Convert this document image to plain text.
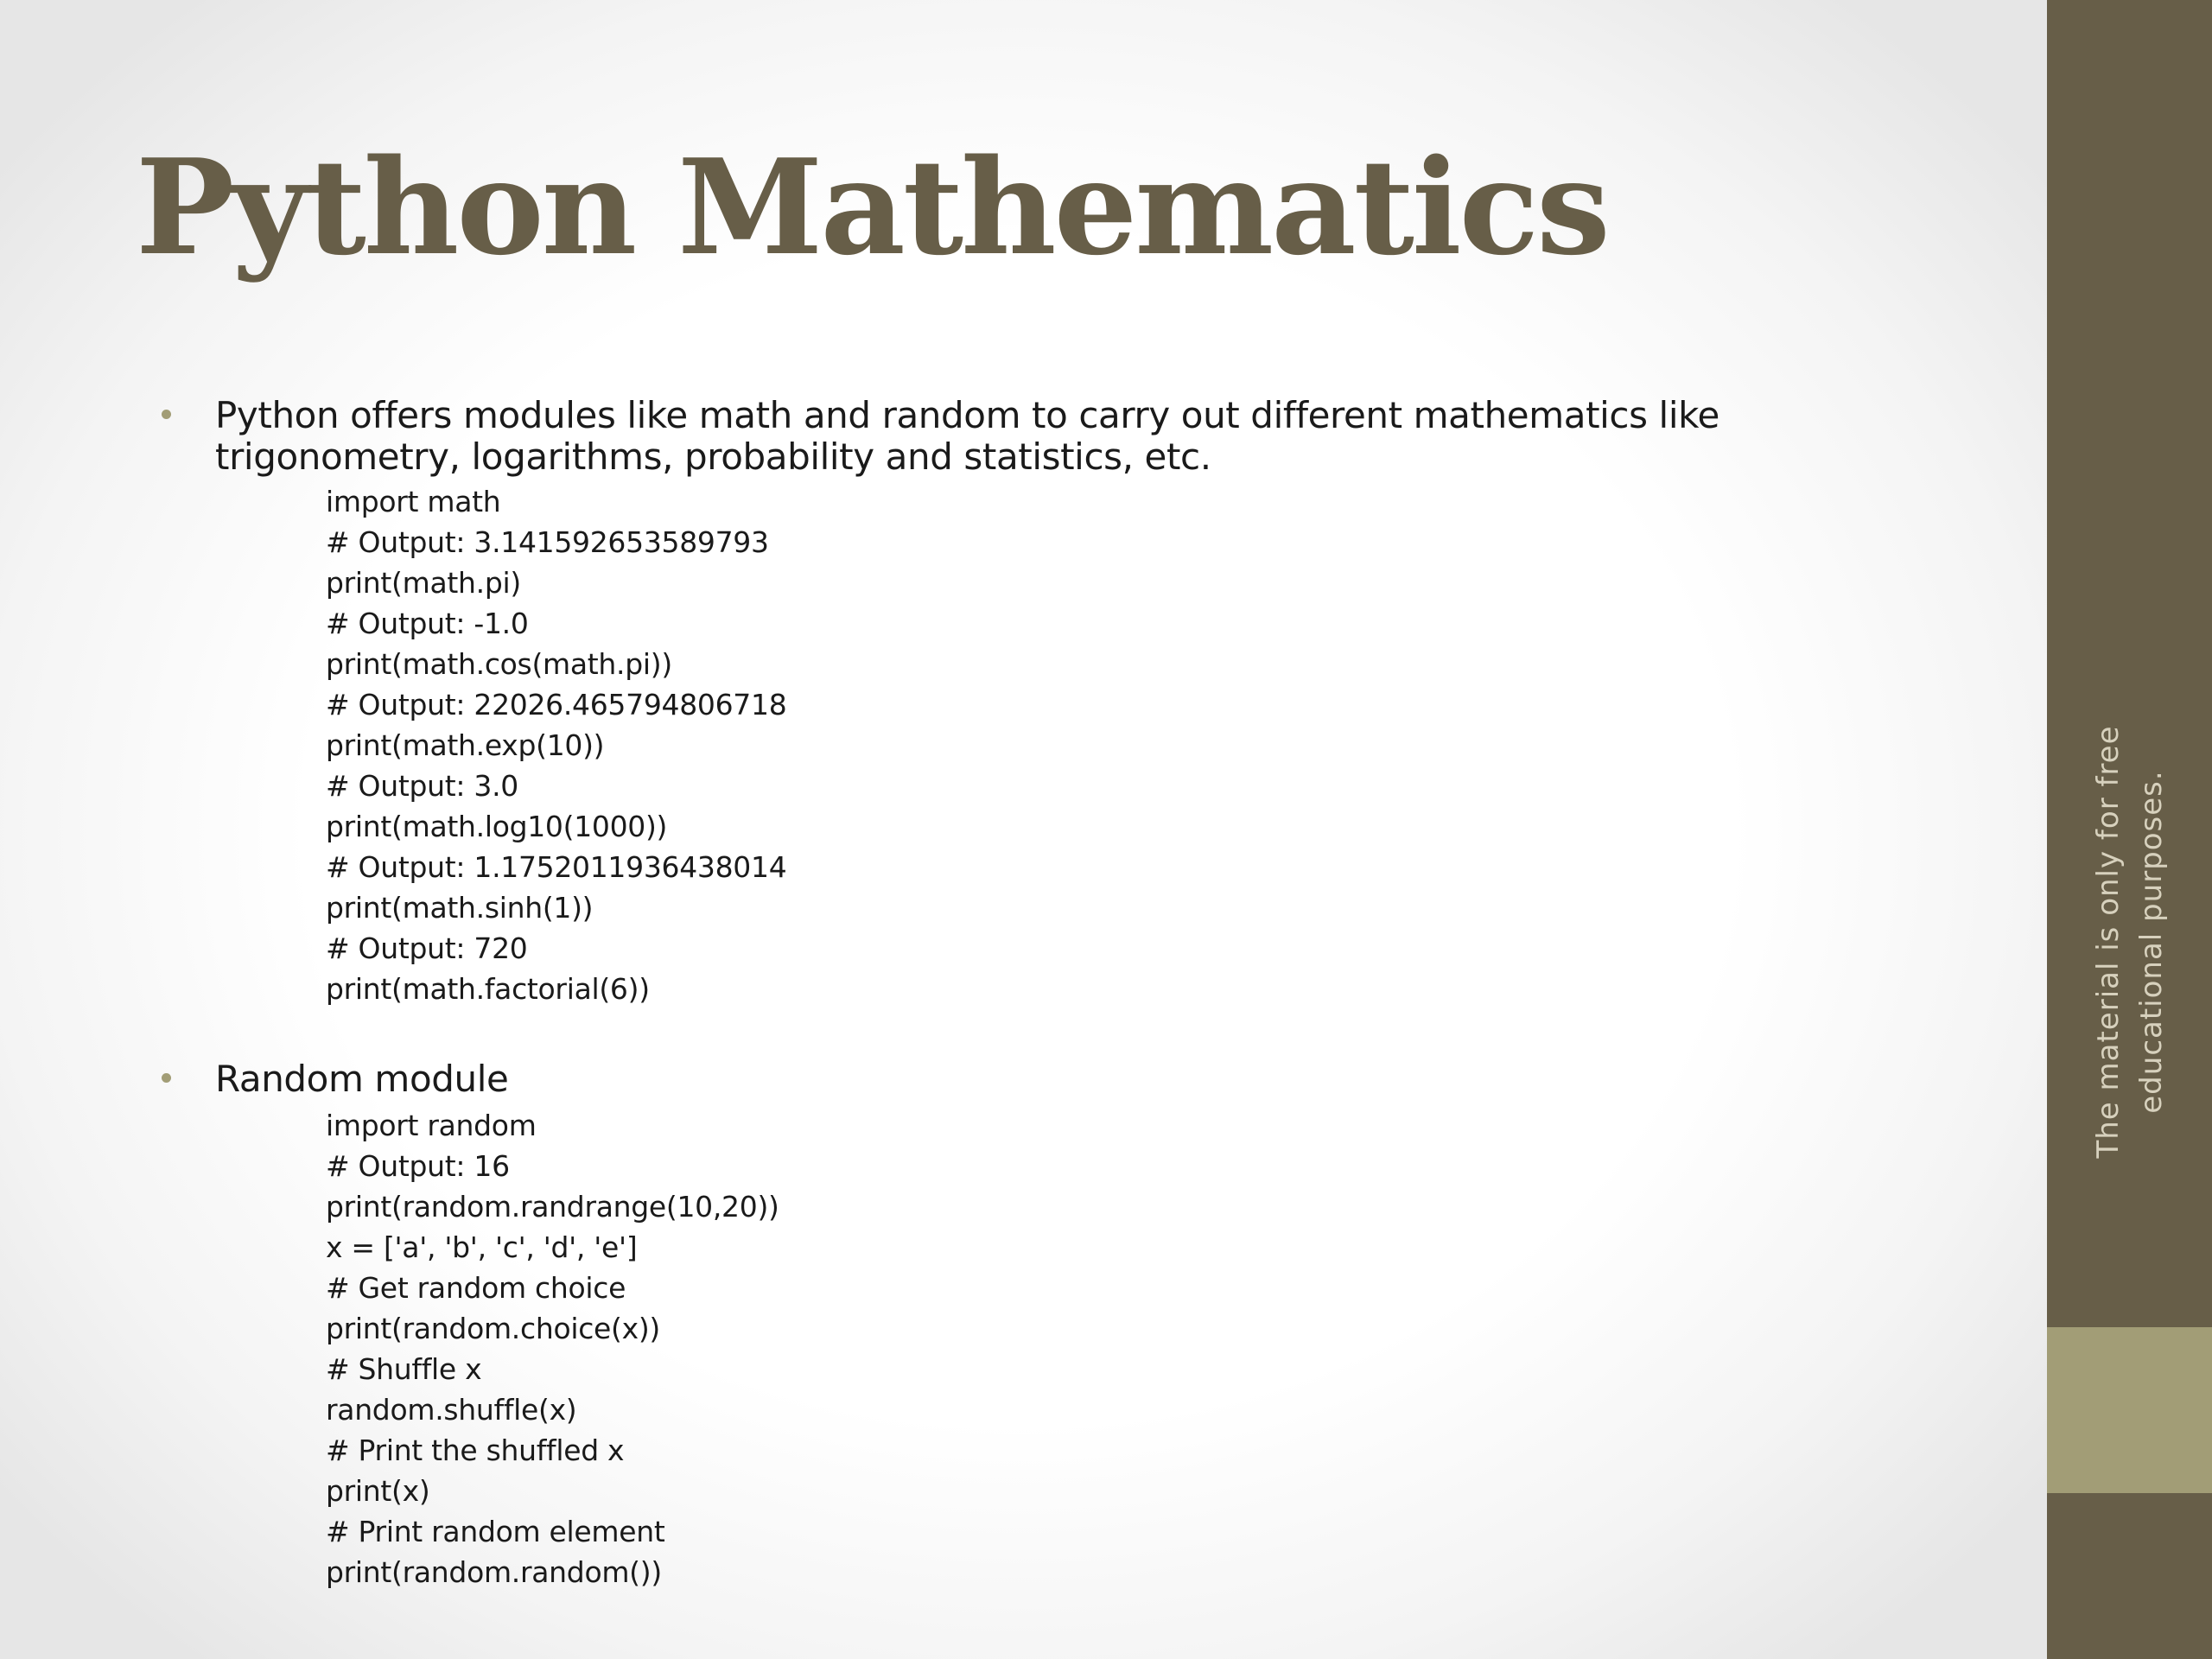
The material is only for free educational purposes.
Python Mathematics
Python offers modules like math and random to carry out different mathematics like trigonometry, logarithms, probability and statistics, etc.
import math
# Output: 3.141592653589793
print(math.pi)
# Output: -1.0
print(math.cos(math.pi))
# Output: 22026.465794806718
print(math.exp(10))
# Output: 3.0
print(math.log10(1000))
# Output: 1.1752011936438014
print(math.sinh(1))
# Output: 720
print(math.factorial(6))
Random module
import random
# Output: 16
print(random.randrange(10,20))
x = ['a', 'b', 'c', 'd', 'e']
# Get random choice
print(random.choice(x))
# Shuffle x
random.shuffle(x)
# Print the shuffled x
print(x)
# Print random element
print(random.random())
